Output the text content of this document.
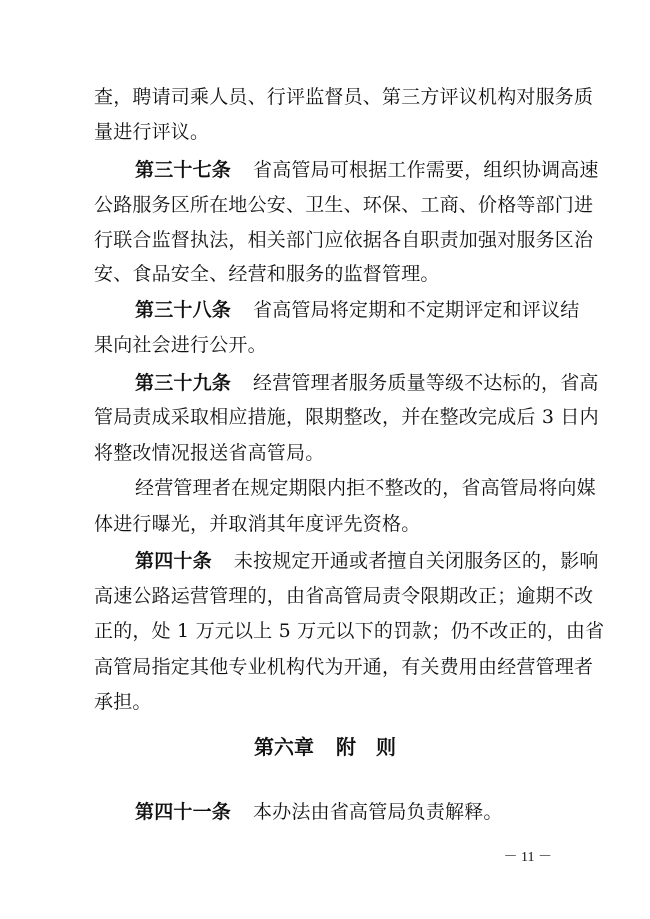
查，聘请司乘人员、行评监督员、第三方评议机构对服务质
量进行评议。
第三十七条 省高管局可根据工作需要，组织协调高速
公路服务区所在地公安、卫生、环保、工商、价格等部门进
行联合监督执法，相关部门应依据各自职责加强对服务区治
安、食品安全、经营和服务的监督管理。
第三十八条 省高管局将定期和不定期评定和评议结
果向社会进行公开。
第三十九条 经营管理者服务质量等级不达标的，省高
管局责成采取相应措施，限期整改，并在整改完成后 3 日内
将整改情况报送省高管局。
经营管理者在规定期限内拒不整改的，省高管局将向媒
体进行曝光，并取消其年度评先资格。
第四十条 未按规定开通或者擅自关闭服务区的，影响
高速公路运营管理的，由省高管局责令限期改正；逾期不改
正的，处 1 万元以上 5 万元以下的罚款；仍不改正的，由省
高管局指定其他专业机构代为开通，有关费用由经营管理者
承担。
第六章 附　则
第四十一条 本办法由省高管局负责解释。
－ 11 －
